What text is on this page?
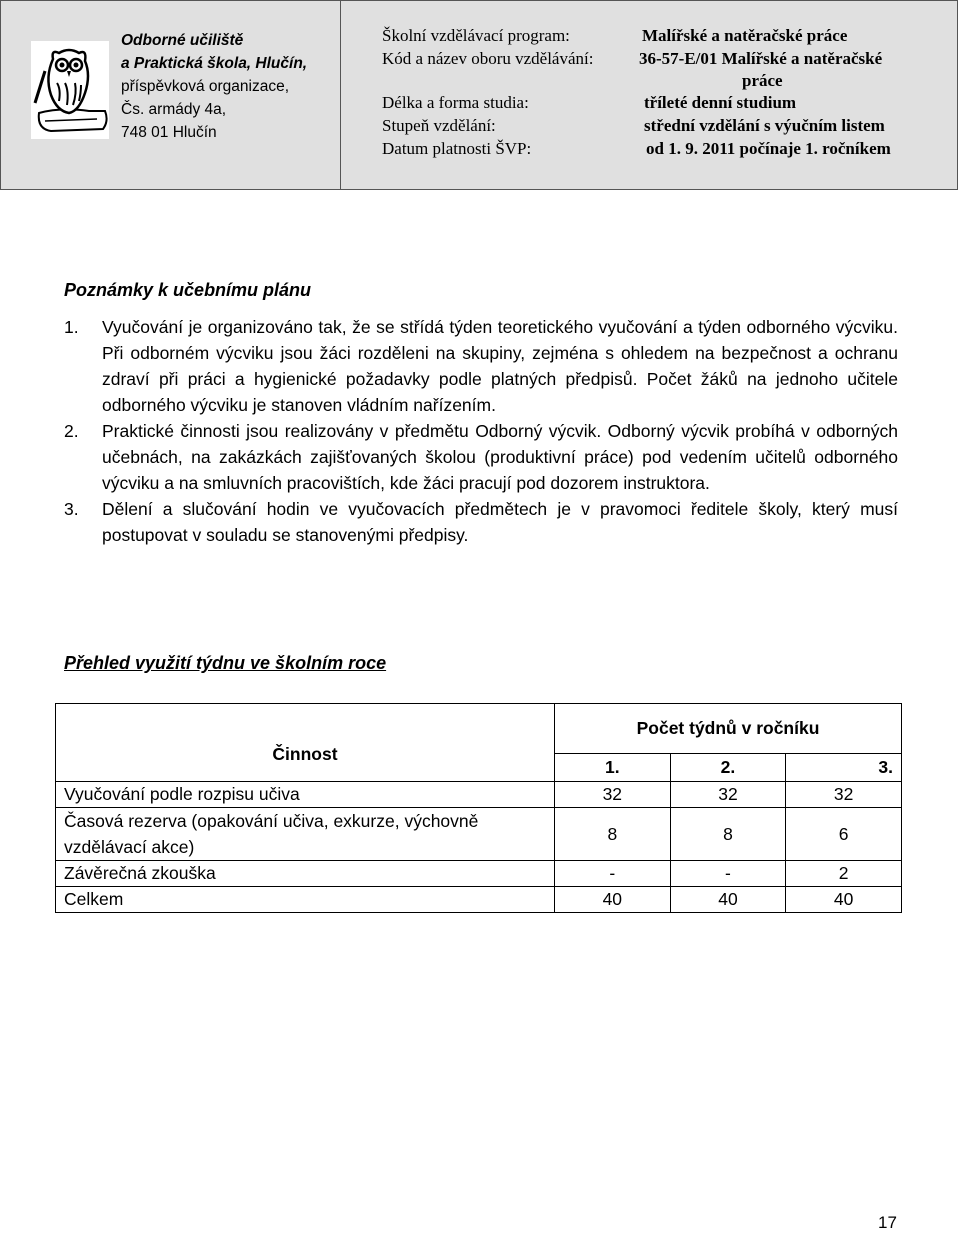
Odborné učiliště
a Praktická škola, Hlučín,
příspěvková organizace,
Čs. armády 4a,
748 01 Hlučín
Školní vzdělávací program:	Malířské a natěračské práce
Kód a název oboru vzdělávání:	36-57-E/01 Malířské a natěračské
práce
Délka a forma studia:	tříleté denní studium
Stupeň vzdělání:	střední vzdělání s výučním listem
Datum platnosti ŠVP:	od 1. 9. 2011 počínaje 1. ročníkem
Poznámky k učebnímu plánu
1. Vyučování je organizováno tak, že se střídá týden teoretického vyučování a týden odborného výcviku. Při odborném výcviku jsou žáci rozděleni na skupiny, zejména s ohledem na bezpečnost a ochranu zdraví při práci a hygienické požadavky podle platných předpisů. Počet žáků na jednoho učitele odborného výcviku je stanoven vládním nařízením.
2. Praktické činnosti jsou realizovány v předmětu Odborný výcvik. Odborný výcvik probíhá v odborných učebnách, na zakázkách zajišťovaných školou (produktivní práce) pod vedením učitelů odborného výcviku a na smluvních pracovištích, kde žáci pracují pod dozorem instruktora.
3. Dělení a slučování hodin ve vyučovacích předmětech je v pravomoci ředitele školy, který musí postupovat v souladu se stanovenými předpisy.
Přehled využití týdnu ve školním roce
Činnost	Počet týdnů v ročníku		
	1.	2.	3.
Vyučování podle rozpisu učiva	32	32	32
Časová rezerva (opakování učiva, exkurze, výchovně vzdělávací akce)	8	8	6
Závěrečná zkouška	-	-	2
Celkem	40	40	40
17
